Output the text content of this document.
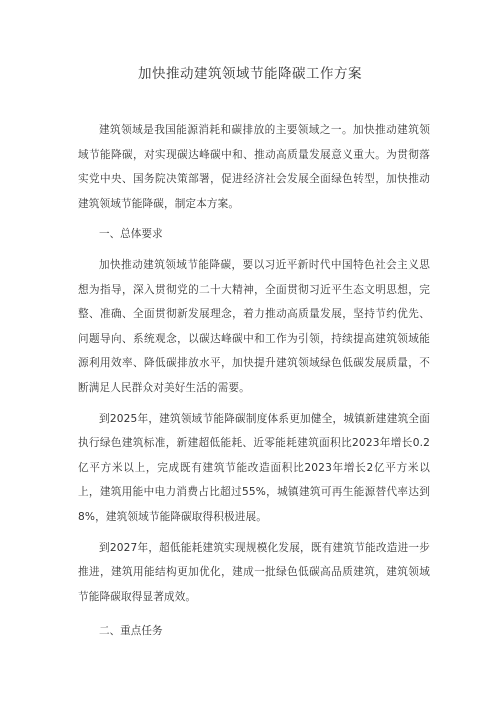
加快推动建筑领域节能降碳工作方案

建筑领域是我国能源消耗和碳排放的主要领域之一。加快推动建筑领域节能降碳，对实现碳达峰碳中和、推动高质量发展意义重大。为贯彻落实党中央、国务院决策部署，促进经济社会发展全面绿色转型，加快推动建筑领域节能降碳，制定本方案。

一、总体要求

加快推动建筑领域节能降碳，要以习近平新时代中国特色社会主义思想为指导，深入贯彻党的二十大精神，全面贯彻习近平生态文明思想，完整、准确、全面贯彻新发展理念，着力推动高质量发展，坚持节约优先、问题导向、系统观念，以碳达峰碳中和工作为引领，持续提高建筑领域能源利用效率、降低碳排放水平，加快提升建筑领域绿色低碳发展质量，不断满足人民群众对美好生活的需要。

到2025年，建筑领域节能降碳制度体系更加健全，城镇新建建筑全面执行绿色建筑标准，新建超低能耗、近零能耗建筑面积比2023年增长0.2亿平方米以上，完成既有建筑节能改造面积比2023年增长2亿平方米以上，建筑用能中电力消费占比超过55%，城镇建筑可再生能源替代率达到8%，建筑领域节能降碳取得积极进展。

到2027年，超低能耗建筑实现规模化发展，既有建筑节能改造进一步推进，建筑用能结构更加优化，建成一批绿色低碳高品质建筑，建筑领域节能降碳取得显著成效。

二、重点任务
